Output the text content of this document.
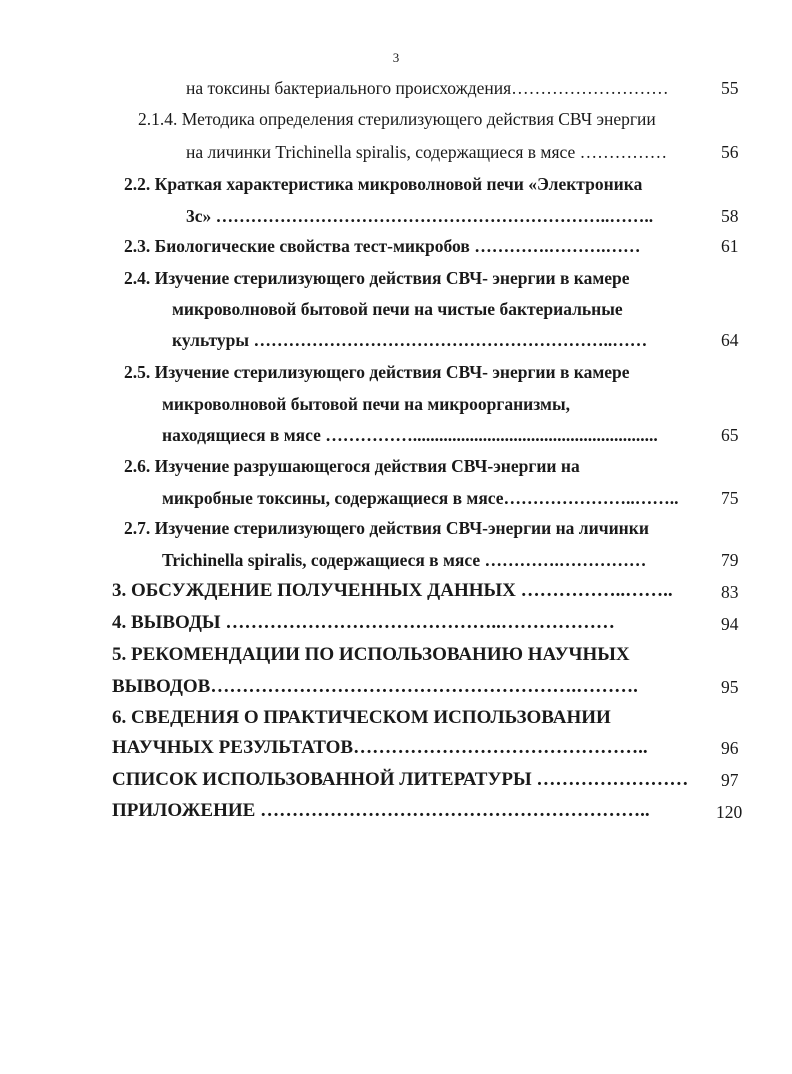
3
на токсины бактериального происхождения………………………	55
2.1.4. Методика определения стерилизующего действия СВЧ энергии
на личинки Trichinella spiralis, содержащиеся в мясе ……………	56
2.2. Краткая характеристика микроволновой печи «Электроника
3с» …………………………………………………………..……..	58
2.3. Биологические свойства тест-микробов ………….……….……	61
2.4. Изучение стерилизующего действия СВЧ- энергии в камере
микроволновой бытовой печи на чистые бактериальные
культуры ……………………………………………………..……	64
2.5. Изучение стерилизующего действия СВЧ- энергии в камере
микроволновой бытовой печи на микроорганизмы,
находящиеся в мясе ……………........................................................	65
2.6. Изучение разрушающегося действия СВЧ-энергии на
микробные токсины, содержащиеся в мясе…………………..…….. 75
2.7. Изучение стерилизующего действия СВЧ-энергии на личинки
Trichinella spiralis, содержащиеся в мясе ………….……………	79
3. ОБСУЖДЕНИЕ ПОЛУЧЕННЫХ ДАННЫХ ……………..……..	83
4. ВЫВОДЫ ……………………………………..………………	94
5. РЕКОМЕНДАЦИИ ПО ИСПОЛЬЗОВАНИЮ НАУЧНЫХ
ВЫВОДОВ………………………………………………….……….	95
6. СВЕДЕНИЯ О ПРАКТИЧЕСКОМ ИСПОЛЬЗОВАНИИ
НАУЧНЫХ РЕЗУЛЬТАТОВ………………………………………..	96
СПИСОК ИСПОЛЬЗОВАННОЙ ЛИТЕРАТУРЫ …………………… 97
ПРИЛОЖЕНИЕ ……………………………………………………..	120
